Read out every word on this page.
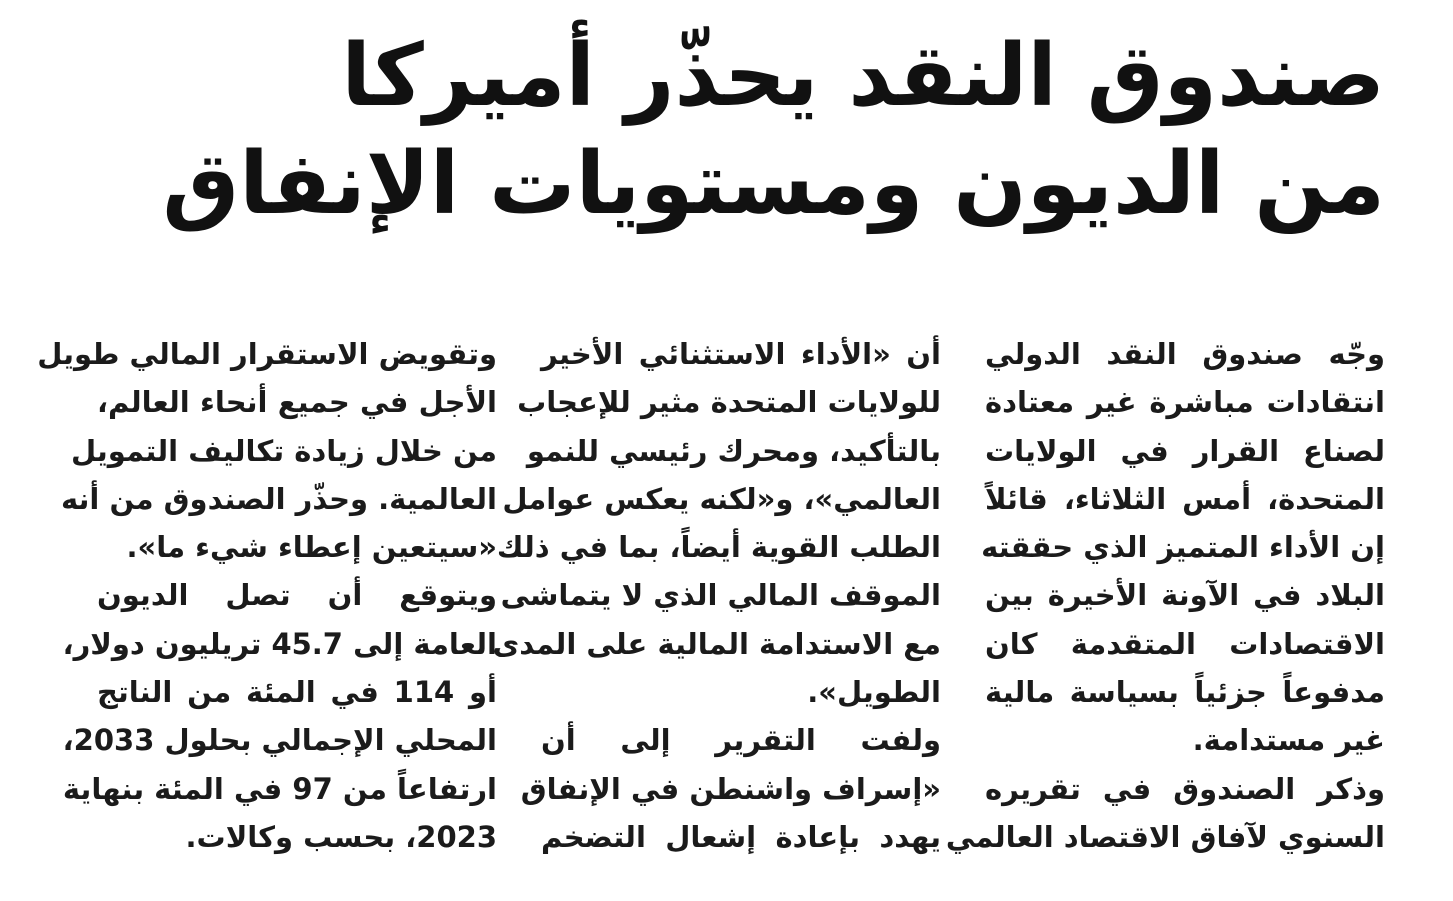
صندوق النقد يحذّر أميركا
من الديون ومستويات الإنفاق
وجّه صندوق النقد الدولي
انتقادات مباشرة غير معتادة
لصناع القرار في الولايات
المتحدة، أمس الثلاثاء، قائلاً
إن الأداء المتميز الذي حققته
البلاد في الآونة الأخيرة بين
الاقتصادات المتقدمة كان
مدفوعاً جزئياً بسياسة مالية
غير مستدامة.
وذكر الصندوق في تقريره
السنوي لآفاق الاقتصاد العالمي
أن «الأداء الاستثنائي الأخير
للولايات المتحدة مثير للإعجاب
بالتأكيد، ومحرك رئيسي للنمو
العالمي»، و«لكنه يعكس عوامل
الطلب القوية أيضاً، بما في ذلك
الموقف المالي الذي لا يتماشى
مع الاستدامة المالية على المدى
الطويل».
ولفت التقرير إلى أن
«إسراف واشنطن في الإنفاق
يهدد بإعادة إشعال التضخم
وتقويض الاستقرار المالي طويل
الأجل في جميع أنحاء العالم،
من خلال زيادة تكاليف التمويل
العالمية. وحذّر الصندوق من أنه
«سيتعين إعطاء شيء ما».
ويتوقع أن تصل الديون
العامة إلى 45.7 تريليون دولار،
أو 114 في المئة من الناتج
المحلي الإجمالي بحلول 2033،
ارتفاعاً من 97 في المئة بنهاية
2023، بحسب وكالات.
